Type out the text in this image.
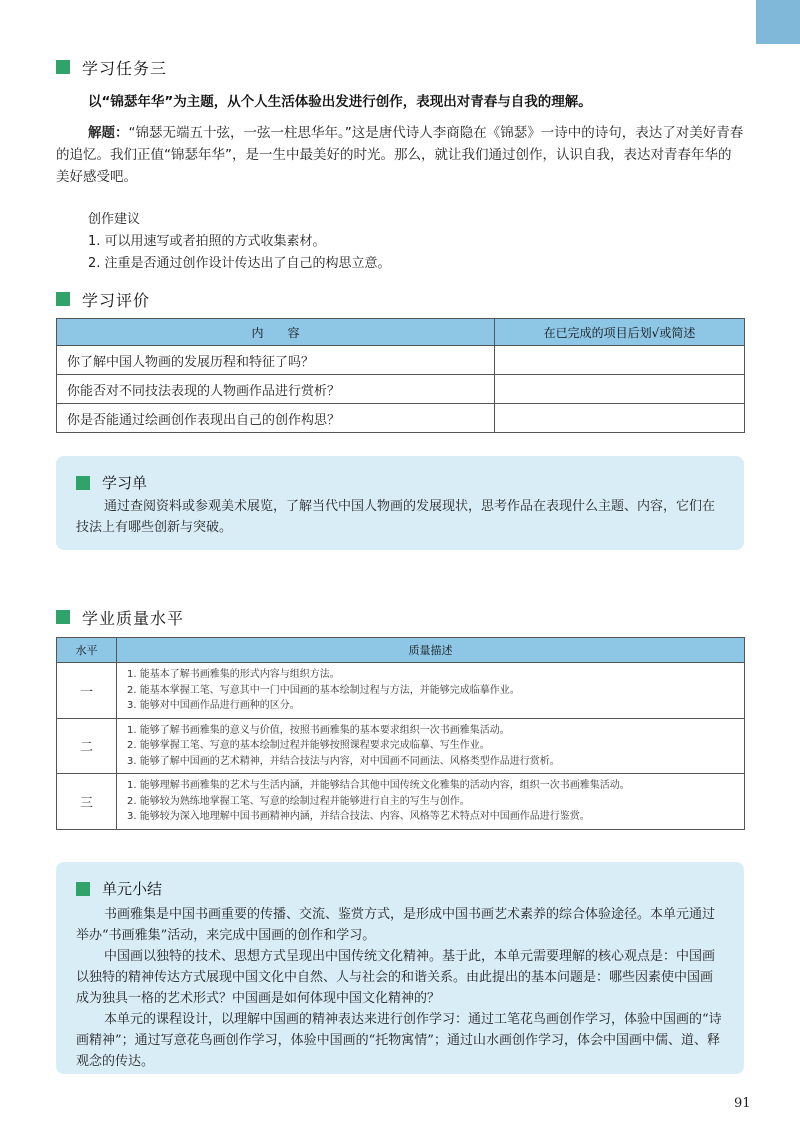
学习任务三
以“锦瑟年华”为主题，从个人生活体验出发进行创作，表现出对青春与自我的理解。
解题：“锦瑟无端五十弦，一弦一柱思华年。”这是唐代诗人李商隐在《锦瑟》一诗中的诗句，表达了对美好青春的追忆。我们正值“锦瑟年华”，是一生中最美好的时光。那么，就让我们通过创作，认识自我，表达对青春年华的美好感受吧。
创作建议
1. 可以用速写或者拍照的方式收集素材。
2. 注重是否通过创作设计传达出了自己的构思立意。
学习评价
内　　容	在已完成的项目后划√或简述
你了解中国人物画的发展历程和特征了吗？	
你能否对不同技法表现的人物画作品进行赏析？	
你是否能通过绘画创作表现出自己的创作构思？	
学习单
通过查阅资料或参观美术展览，了解当代中国人物画的发展现状，思考作品在表现什么主题、内容，它们在技法上有哪些创新与突破。
学业质量水平
水平	质量描述
一	1. 能基本了解书画雅集的形式内容与组织方法。
2. 能基本掌握工笔、写意其中一门中国画的基本绘制过程与方法，并能够完成临摹作业。
3. 能够对中国画作品进行画种的区分。

二	1. 能够了解书画雅集的意义与价值，按照书画雅集的基本要求组织一次书画雅集活动。
2. 能够掌握工笔、写意的基本绘制过程并能够按照课程要求完成临摹、写生作业。
3. 能够了解中国画的艺术精神，并结合技法与内容，对中国画不同画法、风格类型作品进行赏析。

三	1. 能够理解书画雅集的艺术与生活内涵，并能够结合其他中国传统文化雅集的活动内容，组织一次书画雅集活动。
2. 能够较为熟练地掌握工笔、写意的绘制过程并能够进行自主的写生与创作。
3. 能够较为深入地理解中国书画精神内涵，并结合技法、内容、风格等艺术特点对中国画作品进行鉴赏。
单元小结
书画雅集是中国书画重要的传播、交流、鉴赏方式，是形成中国书画艺术素养的综合体验途径。本单元通过举办“书画雅集”活动，来完成中国画的创作和学习。
中国画以独特的技术、思想方式呈现出中国传统文化精神。基于此，本单元需要理解的核心观点是：中国画以独特的精神传达方式展现中国文化中自然、人与社会的和谐关系。由此提出的基本问题是：哪些因素使中国画成为独具一格的艺术形式？中国画是如何体现中国文化精神的？
本单元的课程设计，以理解中国画的精神表达来进行创作学习：通过工笔花鸟画创作学习，体验中国画的“诗画精神”；通过写意花鸟画创作学习，体验中国画的“托物寓情”；通过山水画创作学习，体会中国画中儒、道、释观念的传达。
91
